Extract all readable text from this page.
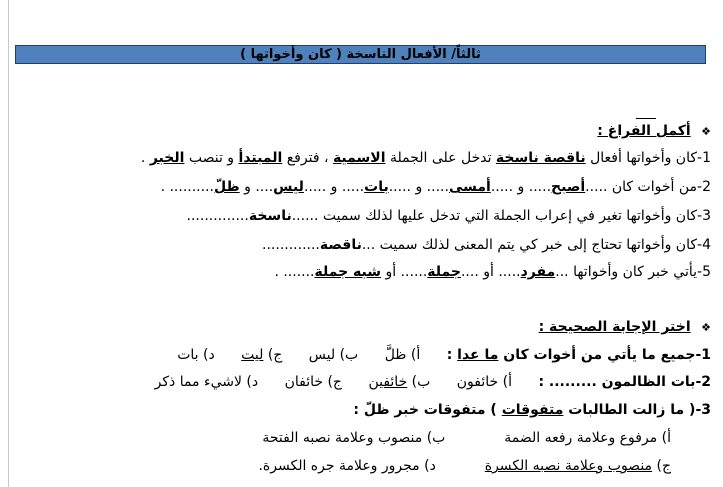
ثالثاً/ الأفعال الناسخة ( كان وأخواتها )
❖ أكمل الفراغ :
1-كان وأخواتها أفعال ناقصة ناسخة تدخل على الجملة الاسمية ، فترفع المبتدأ و تنصب الخبر .
2-من أخوات كان .....أصبح..... و .....أمسى..... و .....بات..... و .....ليس.... و ظلّ.......... .
3-كان وأخواتها تغير في إعراب الجملة التي تدخل عليها لذلك سميت ......ناسخة..............
4-كان وأخواتها تحتاج إلى خبر كي يتم المعنى لذلك سميت ...ناقصة.............
5-يأتي خبر كان وأخواتها ...مفرد..... أو ....جملة...... أو شبه جملة....... .
❖ اختر الإجابة الصحيحة :
1-جميع ما يأتي من أخوات كان ما عدا : أ) ظلَّ ب) ليس ج) ليت د) بات
2-بات الظالمون ......... : أ) خائفون ب) خائفين ج) خائفان د) لاشيء مما ذكر
3-( ما زالت الطالبات متفوقات ) متفوقات خبر ظلّ :
أ) مرفوع وعلامة رفعه الضمة  ب) منصوب وعلامة نصبه الفتحة
ج) منصوب وعلامة نصبه الكسرة  د) مجرور وعلامة جره الكسرة.
